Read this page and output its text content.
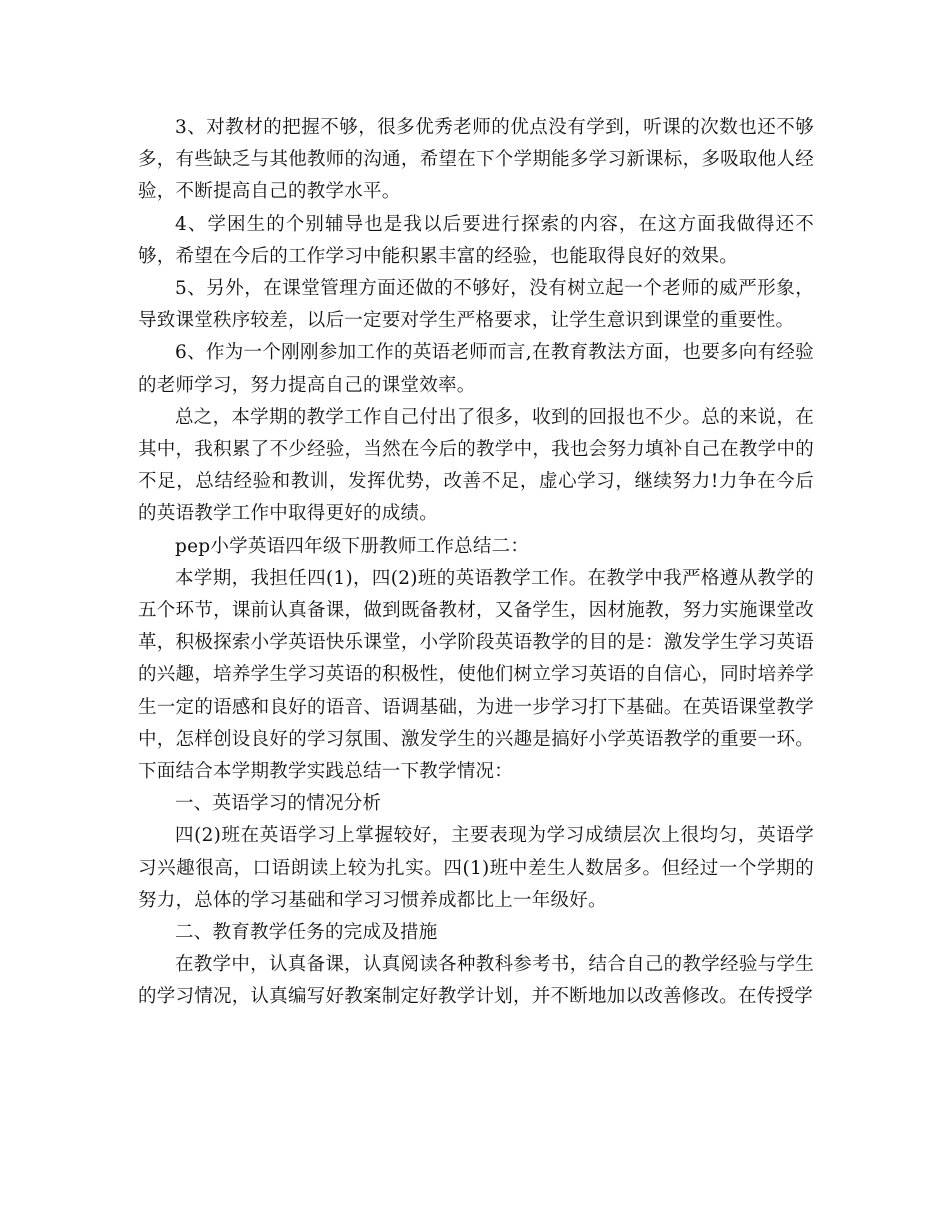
3、对教材的把握不够，很多优秀老师的优点没有学到，听课的次数也还不够多，有些缺乏与其他教师的沟通，希望在下个学期能多学习新课标，多吸取他人经验，不断提高自己的教学水平。

4、学困生的个别辅导也是我以后要进行探索的内容，在这方面我做得还不够，希望在今后的工作学习中能积累丰富的经验，也能取得良好的效果。

5、另外，在课堂管理方面还做的不够好，没有树立起一个老师的威严形象，导致课堂秩序较差，以后一定要对学生严格要求，让学生意识到课堂的重要性。

6、作为一个刚刚参加工作的英语老师而言,在教育教法方面，也要多向有经验的老师学习，努力提高自己的课堂效率。

总之，本学期的教学工作自己付出了很多，收到的回报也不少。总的来说，在其中，我积累了不少经验，当然在今后的教学中，我也会努力填补自己在教学中的不足，总结经验和教训，发挥优势，改善不足，虚心学习，继续努力!力争在今后的英语教学工作中取得更好的成绩。

pep小学英语四年级下册教师工作总结二：

本学期，我担任四(1)，四(2)班的英语教学工作。在教学中我严格遵从教学的五个环节，课前认真备课，做到既备教材，又备学生，因材施教，努力实施课堂改革，积极探索小学英语快乐课堂，小学阶段英语教学的目的是：激发学生学习英语的兴趣，培养学生学习英语的积极性，使他们树立学习英语的自信心，同时培养学生一定的语感和良好的语音、语调基础，为进一步学习打下基础。在英语课堂教学中，怎样创设良好的学习氛围、激发学生的兴趣是搞好小学英语教学的重要一环。下面结合本学期教学实践总结一下教学情况：

一、英语学习的情况分析

四(2)班在英语学习上掌握较好，主要表现为学习成绩层次上很均匀，英语学习兴趣很高，口语朗读上较为扎实。四(1)班中差生人数居多。但经过一个学期的努力，总体的学习基础和学习习惯养成都比上一年级好。

二、教育教学任务的完成及措施

在教学中，认真备课，认真阅读各种教科参考书，结合自己的教学经验与学生的学习情况，认真编写好教案制定好教学计划，并不断地加以改善修改。在传授学
